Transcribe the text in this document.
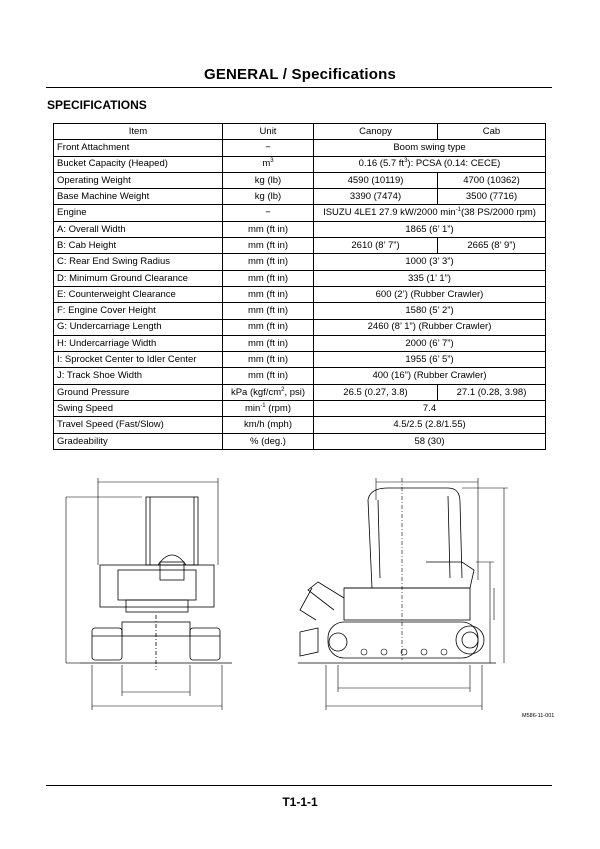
GENERAL / Specifications
SPECIFICATIONS
Item	Unit	Canopy	Cab
Front Attachment	−	Boom swing type	
Bucket Capacity (Heaped)	$m^3$	0.16 (5.7 $ft^3$): PCSA (0.14: CECE)	
Operating Weight	kg (lb)	4590 (10119)	4700 (10362)
Base Machine Weight	kg (lb)	3390 (7474)	3500 (7716)
Engine	−	ISUZU 4LE1 27.9 kW/2000 $\min^{-1}(38$ PS/2000 rpm)	
A: Overall Width	mm (ft in)	1865 (6’ 1”)	
B: Cab Height	mm (ft in)	2610 (8’ 7”)	2665 (8’ 9”)
C: Rear End Swing Radius	mm (ft in)	1000 (3’ 3”)	
D: Minimum Ground Clearance	mm (ft in)	335 (1’ 1”)	
E: Counterweight Clearance	mm (ft in)	600 (2’) (Rubber Crawler)	
F: Engine Cover Height	mm (ft in)	1580 (5’ 2”)	
G: Undercarriage Length	mm (ft in)	2460 (8’ 1”) (Rubber Crawler)	
H: Undercarriage Width	mm (ft in)	2000 (6’ 7”)	
I: Sprocket Center to Idler Center	mm (ft in)	1955 (6’ 5”)	
J: Track Shoe Width	mm (ft in)	400 (16”) (Rubber Crawler)	
Ground Pressure	kPa ($kgf/cm^2$, psi)	26.5 (0.27, 3.8)	27.1 (0.28, 3.98)
Swing Speed	$\min^{-1} (rpm)$	7.4	
Travel Speed (Fast/Slow)	km/h (mph)	4.5/2.5 (2.8/1.55)	
Gradeability	% (deg.)	58 (30)	
M586-11-001
T1-1-1
